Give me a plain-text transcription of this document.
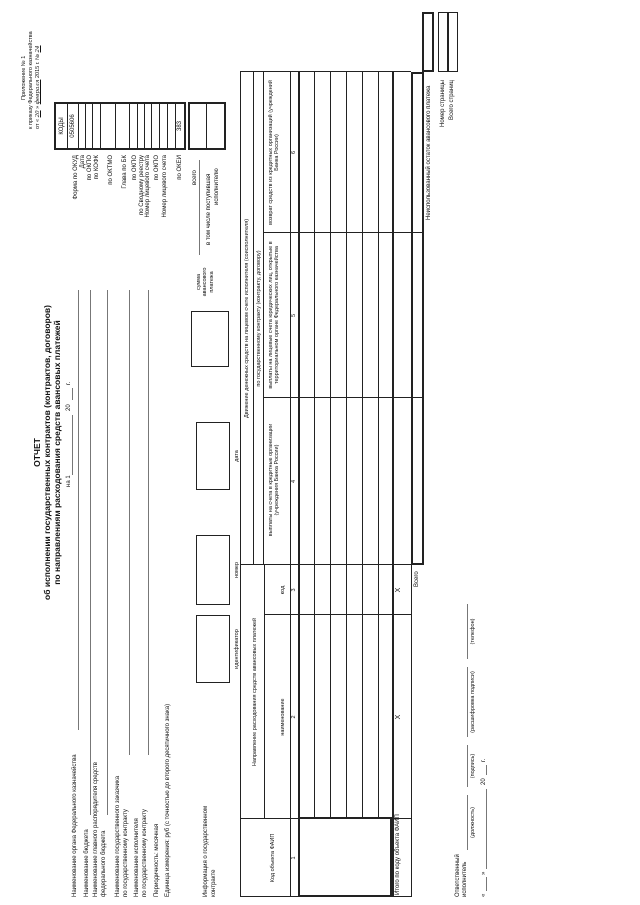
Приложение № 1 к приказу Федерального казначейства от « 20 » февраля 2015 г. № 24
ОТЧЕТ об исполнении государственных контрактов (контрактов, договоров) по направлениям расходования средств авансовых платежей на 1
20
г.
Наименование органа Федерального казначейства Наименование бюджета Наименование главного распорядителя средств федерального бюджета Наименование государственного заказчика по государственному контракту Наименование исполнителя по государственному контракту Периодичность: месячная Единица измерения: руб (с точностью до второго десятичного знака)
Форма по ОКУД Дата по ОКПО по КОФК по ОКТМО Глава по БК по ОКПО по Сводному реестру Номер лицевого счета по ОКПО Номер лицевого счета по ОКЕИ
КОДЫ 0505606	383
Информация о государственном контракте
идентификатор
номер
дата
сумма
авансового
платежа
всего в том числе поступившая исполнителю
Код объекта ФАИП
Направление расходования средств авансовых платежей	наименование
код
Движение денежных средств на лицевом счете исполнителя (соисполнителя) по государственному контракту (контракту, договору)
выплаты на счета в кредитные организации (учреждения Банка России)
выплаты на лицевые счета юридических лиц, открытые в территориальном органе Федерального казначейства
возврат средств из кредитных организаций (учреждений Банка России)
1
2
3
4
5
6
Итого по коду объекта ФАИП
Х
Х
Всего
Неиспользованный остаток авансового платежа Номер страницы Всего страниц
Ответственный исполнитель
(должность)
(подпись)
(расшифровка подписи)
(телефон)
«
»
20
г.
